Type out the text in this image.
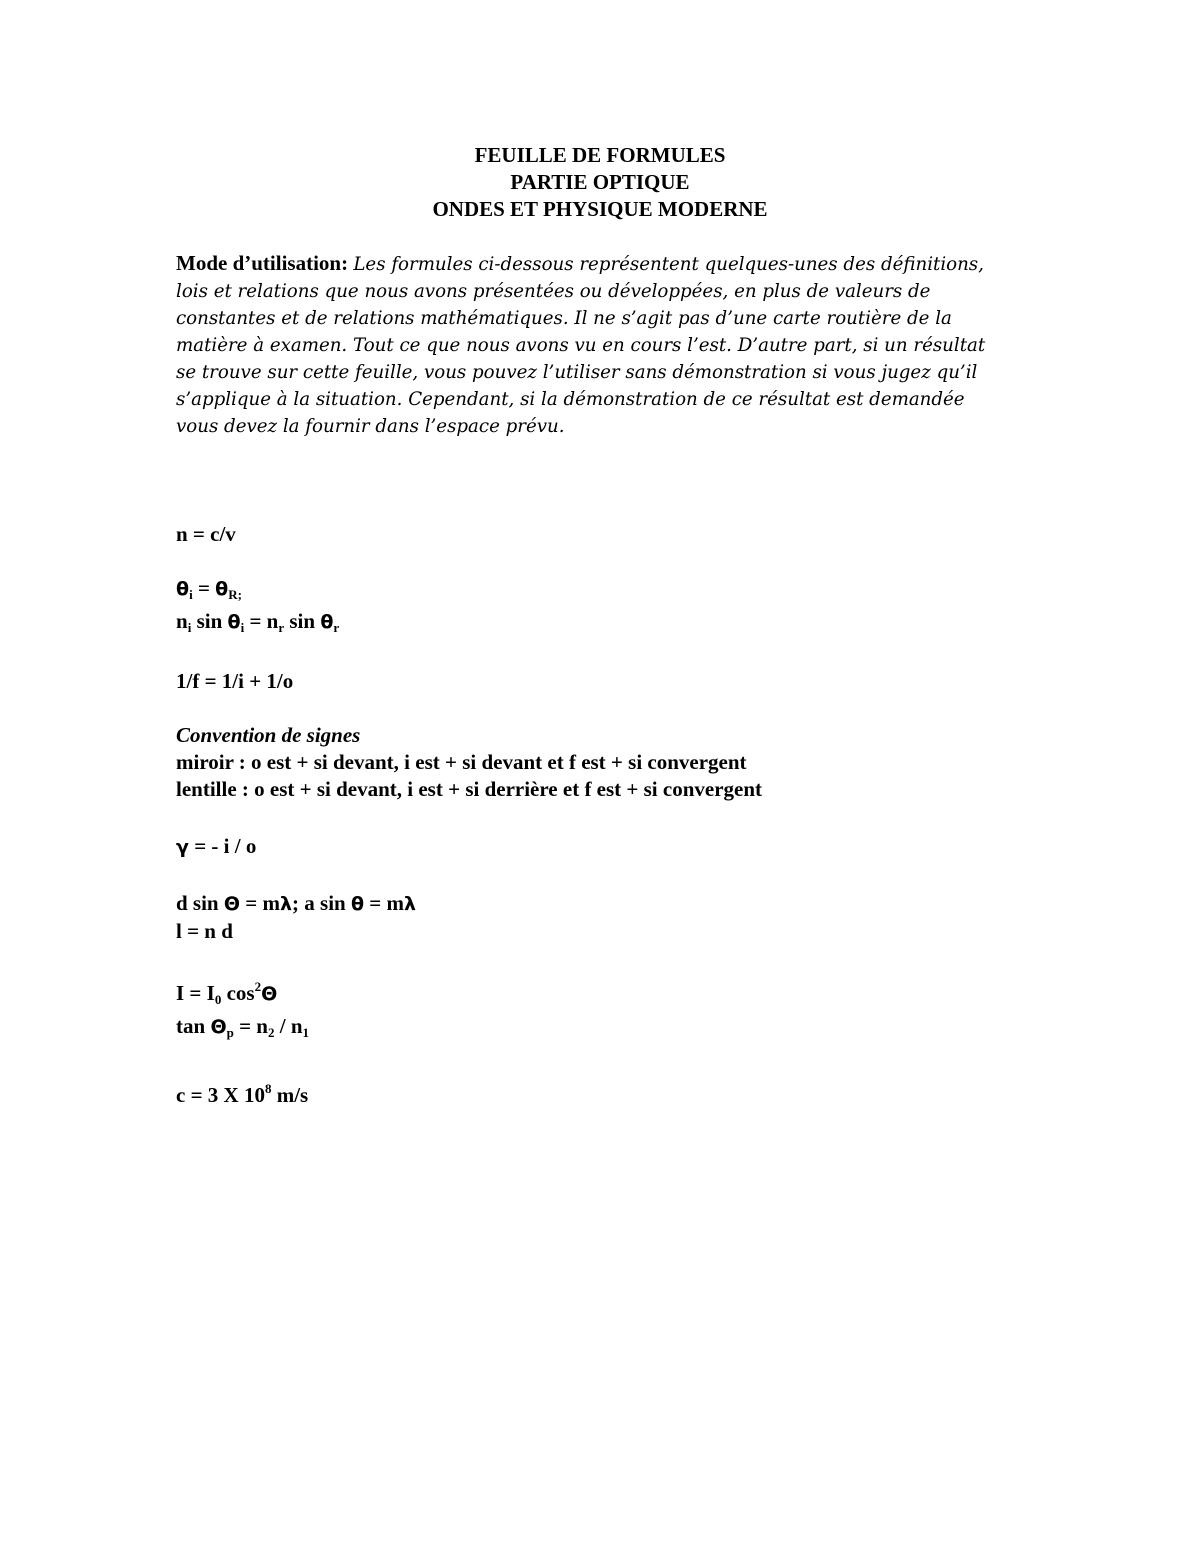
FEUILLE DE FORMULES
PARTIE OPTIQUE
ONDES ET PHYSIQUE MODERNE
Mode d’utilisation: Les formules ci-dessous représentent quelques-unes des définitions,
lois et relations que nous avons présentées ou développées, en plus de valeurs de
constantes et de relations mathématiques. Il ne s’agit pas d’une carte routière de la
matière à examen. Tout ce que nous avons vu en cours l’est. D’autre part, si un résultat
se trouve sur cette feuille, vous pouvez l’utiliser sans démonstration si vous jugez qu’il
s’applique à la situation. Cependant, si la démonstration de ce résultat est demandée
vous devez la fournir dans l’espace prévu.
n = c/v
$\theta_i = \theta_{R;}$
$n_i$ $\sin \theta_i = n_r$ $\sin \theta_r$
1/f = 1/i + 1/o
Convention de signes
miroir : o est + si devant, i est + si devant et f est + si convergent
lentille : o est + si devant, i est + si derrière et f est + si convergent
γ = - i / o
d sin Θ = mλ; a sin θ = mλ
l = n d
$I = I_0$ $\cos^2\Theta$
$\tan \Theta_p = n_2 / n_1$
c = 3 X $10^8$ m/s
